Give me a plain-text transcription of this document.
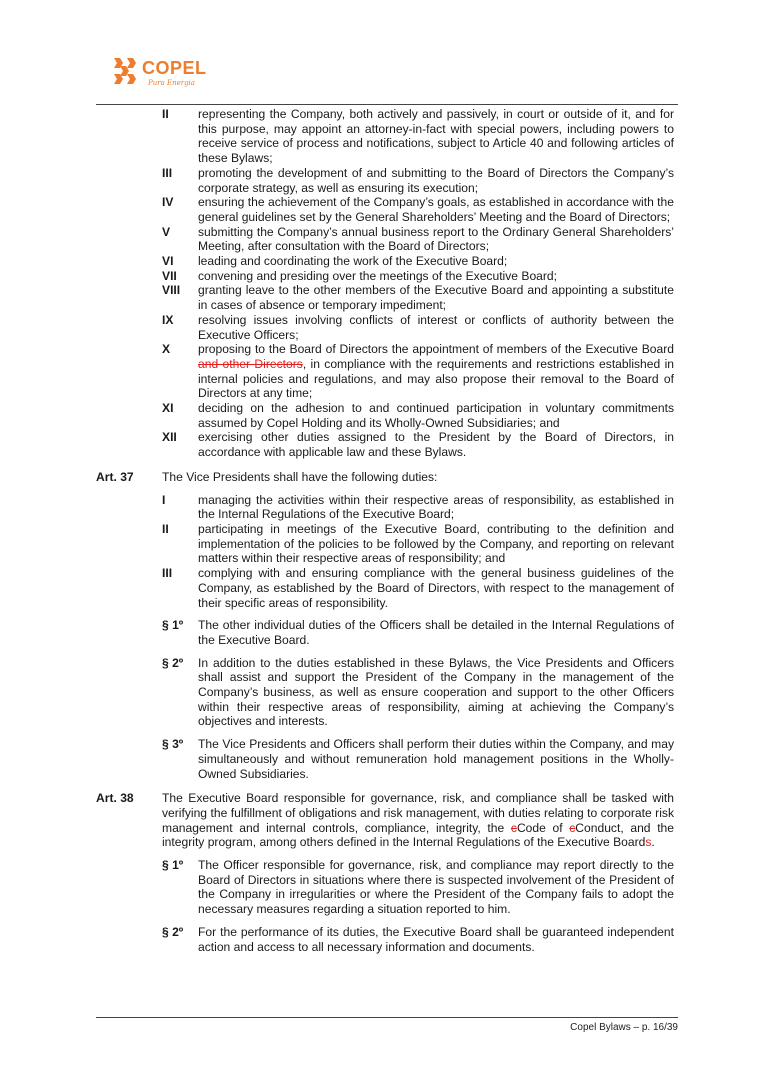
COPEL
Pura Energia
II	representing the Company, both actively and passively, in court or outside of it, and for this purpose, may appoint an attorney-in-fact with special powers, including powers to receive service of process and notifications, subject to Article 40 and following articles of these Bylaws;
III	promoting the development of and submitting to the Board of Directors the Company’s corporate strategy, as well as ensuring its execution;
IV	ensuring the achievement of the Company’s goals, as established in accordance with the general guidelines set by the General Shareholders’ Meeting and the Board of Directors;
V	submitting the Company’s annual business report to the Ordinary General Shareholders’ Meeting, after consultation with the Board of Directors;
VI	leading and coordinating the work of the Executive Board;
VII	convening and presiding over the meetings of the Executive Board;
VIII	granting leave to the other members of the Executive Board and appointing a substitute in cases of absence or temporary impediment;
IX	resolving issues involving conflicts of interest or conflicts of authority between the Executive Officers;
X	proposing to the Board of Directors the appointment of members of the Executive Board and other Directors, in compliance with the requirements and restrictions established in internal policies and regulations, and may also propose their removal to the Board of Directors at any time;
XI	deciding on the adhesion to and continued participation in voluntary commitments assumed by Copel Holding and its Wholly-Owned Subsidiaries; and
XII	exercising other duties assigned to the President by the Board of Directors, in accordance with applicable law and these Bylaws.
Art. 37	The Vice Presidents shall have the following duties:
I	managing the activities within their respective areas of responsibility, as established in the Internal Regulations of the Executive Board;
II	participating in meetings of the Executive Board, contributing to the definition and implementation of the policies to be followed by the Company, and reporting on relevant matters within their respective areas of responsibility; and
III	complying with and ensuring compliance with the general business guidelines of the Company, as established by the Board of Directors, with respect to the management of their specific areas of responsibility.
§ 1º	The other individual duties of the Officers shall be detailed in the Internal Regulations of the Executive Board.
§ 2º	In addition to the duties established in these Bylaws, the Vice Presidents and Officers shall assist and support the President of the Company in the management of the Company’s business, as well as ensure cooperation and support to the other Officers within their respective areas of responsibility, aiming at achieving the Company’s objectives and interests.
§ 3º	The Vice Presidents and Officers shall perform their duties within the Company, and may simultaneously and without remuneration hold management positions in the Wholly-Owned Subsidiaries.
Art. 38	The Executive Board responsible for governance, risk, and compliance shall be tasked with verifying the fulfillment of obligations and risk management, with duties relating to corporate risk management and internal controls, compliance, integrity, the cCode of cConduct, and the integrity program, among others defined in the Internal Regulations of the Executive Boards.
§ 1º	The Officer responsible for governance, risk, and compliance may report directly to the Board of Directors in situations where there is suspected involvement of the President of the Company in irregularities or where the President of the Company fails to adopt the necessary measures regarding a situation reported to him.
§ 2º	For the performance of its duties, the Executive Board shall be guaranteed independent action and access to all necessary information and documents.
Copel Bylaws – p. 16/39
